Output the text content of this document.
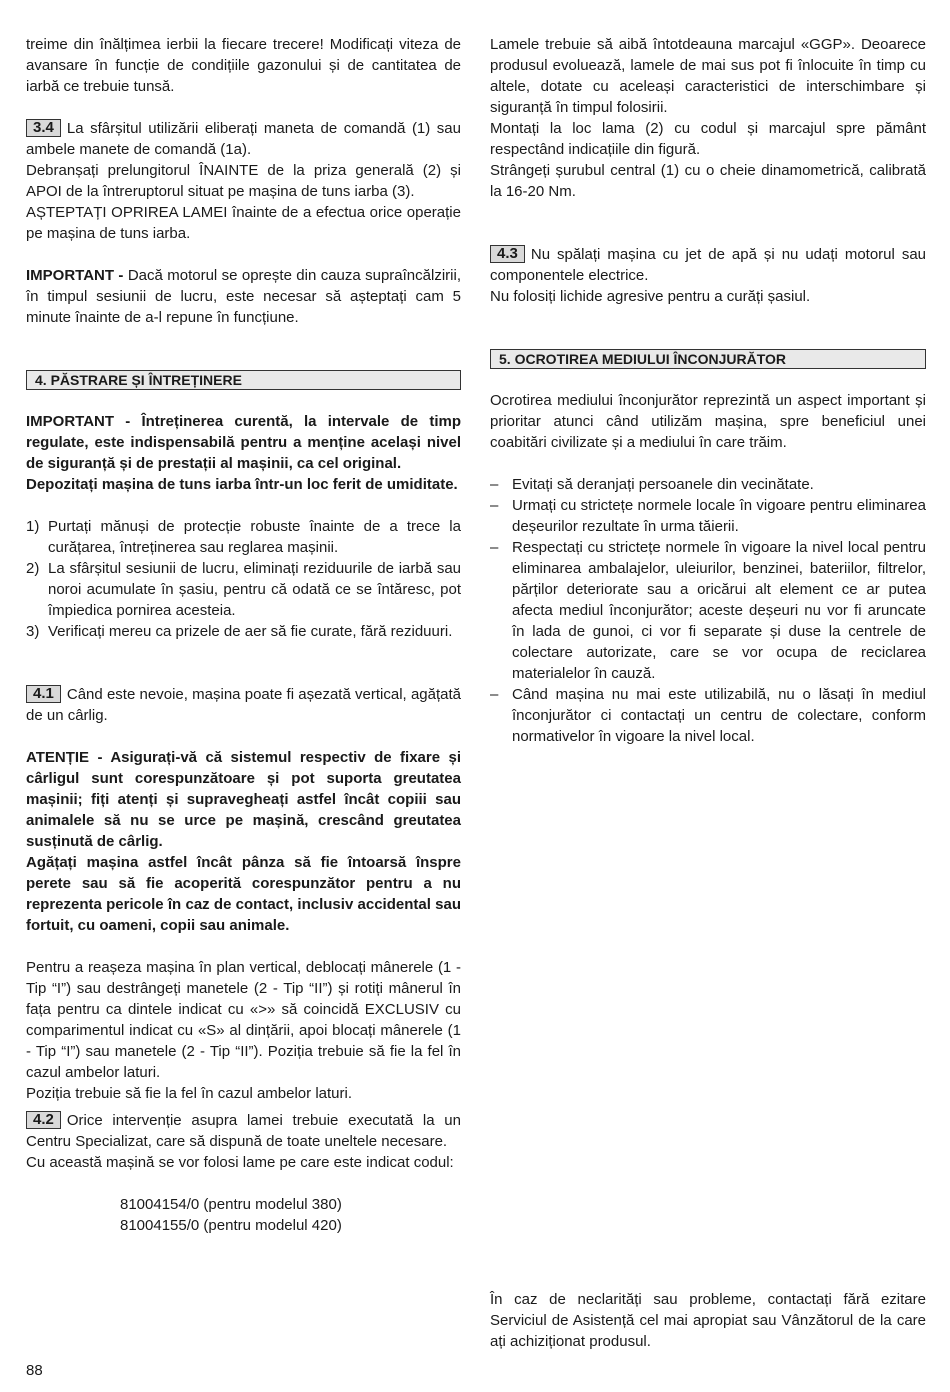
treime din înălțimea ierbii la fiecare trecere! Modificați viteza de avansare în funcție de condițiile gazonului și de cantitatea de iarbă ce trebuie tunsă.

3.4 La sfârșitul utilizării eliberați maneta de comandă (1) sau ambele manete de comandă (1a).

Debranșați prelungitorul ÎNAINTE de la priza generală (2) și APOI de la întreruptorul situat pe mașina de tuns iarba (3).

AȘTEPTAȚI OPRIREA LAMEI înainte de a efectua orice operație pe mașina de tuns iarba.

IMPORTANT - Dacă motorul se oprește din cauza supraîncălzirii, în timpul sesiunii de lucru, este necesar să așteptați cam 5 minute înainte de a-l repune în funcțiune.

4. PĂSTRARE ȘI ÎNTREȚINERE

IMPORTANT - Întreținerea curentă, la intervale de timp regulate, este indispensabilă pentru a menține același nivel de siguranță și de prestații al mașinii, ca cel original.

Depozitați mașina de tuns iarba într-un loc ferit de umiditate.

1) Purtați mănuși de protecție robuste înainte de a trece la curățarea, întreținerea sau reglarea mașinii.
2) La sfârșitul sesiunii de lucru, eliminați reziduurile de iarbă sau noroi acumulate în șasiu, pentru că odată ce se întăresc, pot împiedica pornirea acesteia.
3) Verificați mereu ca prizele de aer să fie curate, fără reziduuri.

4.1 Când este nevoie, mașina poate fi așezată vertical, agățată de un cârlig.

ATENȚIE - Asigurați-vă că sistemul respectiv de fixare și cârligul sunt corespunzătoare și pot suporta greutatea mașinii; fiți atenți și supravegheați astfel încât copiii sau animalele să nu se urce pe mașină, crescând greutatea susținută de cârlig.

Agățați mașina astfel încât pânza să fie întoarsă înspre perete sau să fie acoperită corespunzător pentru a nu reprezenta pericole în caz de contact, inclusiv accidental sau fortuit, cu oameni, copii sau animale.

Pentru a reașeza mașina în plan vertical, deblocați mânerele (1 - Tip “I”) sau destrângeți manetele (2 - Tip “II”) și rotiți mânerul în fața pentru ca dintele indicat cu «>» să coincidă EXCLUSIV cu comparimentul indicat cu «S» al dințării, apoi blocați mânerele (1 - Tip “I”) sau manetele (2 - Tip “II”). Poziția trebuie să fie la fel în cazul ambelor laturi.

Poziția trebuie să fie la fel în cazul ambelor laturi.

4.2 Orice intervenție asupra lamei trebuie executată la un Centru Specializat, care să dispună de toate uneltele necesare.

Cu această mașină se vor folosi lame pe care este indicat codul:

81004154/0 (pentru modelul 380)
81004155/0 (pentru modelul 420)

Lamele trebuie să aibă întotdeauna marcajul «GGP». Deoarece produsul evoluează, lamele de mai sus pot fi înlocuite în timp cu altele, dotate cu aceleași caracteristici de interschimbare și siguranță în timpul folosirii.

Montați la loc lama (2) cu codul și marcajul spre pământ respectând indicațiile din figură.

Strângeți șurubul central (1) cu o cheie dinamometrică, calibrată la 16-20 Nm.

4.3 Nu spălați mașina cu jet de apă și nu udați motorul sau componentele electrice.

Nu folosiți lichide agresive pentru a curăți șasiul.

5. OCROTIREA MEDIULUI ÎNCONJURĂTOR

Ocrotirea mediului înconjurător reprezintă un aspect important și prioritar atunci când utilizăm mașina, spre beneficiul unei coabitări civilizate și a mediului în care trăim.

– Evitați să deranjați persoanele din vecinătate.
– Urmați cu strictețe normele locale în vigoare pentru eliminarea deșeurilor rezultate în urma tăierii.
– Respectați cu strictețe normele în vigoare la nivel local pentru eliminarea ambalajelor, uleiurilor, benzinei, bateriilor, filtrelor, părților deteriorate sau a oricărui alt element ce ar putea afecta mediul înconjurător; aceste deșeuri nu vor fi aruncate în lada de gunoi, ci vor fi separate și duse la centrele de colectare autorizate, care se vor ocupa de reciclarea materialelor în cauză.
– Când mașina nu mai este utilizabilă, nu o lăsați în mediul înconjurător ci contactați un centru de colectare, conform normativelor în vigoare la nivel local.

În caz de neclarități sau probleme, contactați fără ezitare Serviciul de Asistență cel mai apropiat sau Vânzătorul de la care ați achiziționat produsul.

88
